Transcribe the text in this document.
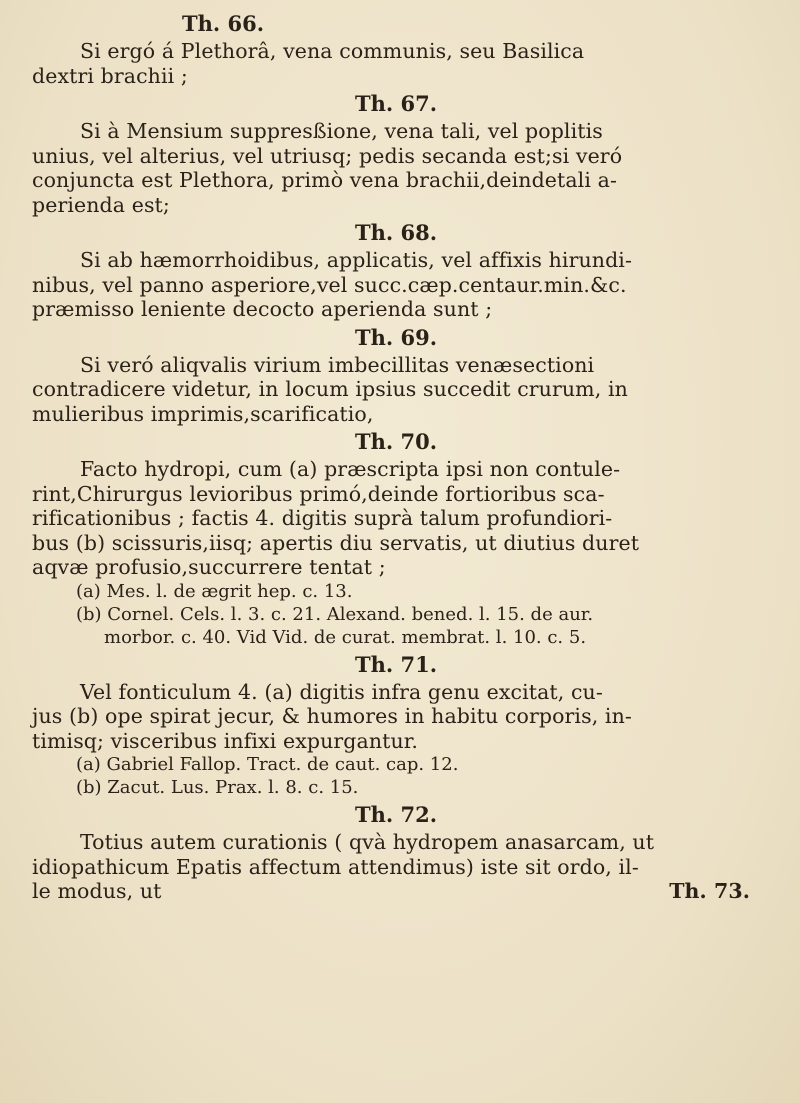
Th. 66.
Si ergó á Plethorâ, vena communis, seu Basilica
dextri brachii ;
Th. 67.
Si à Mensium suppresßione, vena tali, vel poplitis
unius, vel alterius, vel utriusq; pedis secanda est;si veró
conjuncta est Plethora, primò vena brachii,deindetali a-
perienda est;
Th. 68.
Si ab hæmorrhoidibus, applicatis, vel affixis hirundi-
nibus, vel panno asperiore,vel succ.cæp.centaur.min.&c.
præmisso leniente decocto aperienda sunt ;
Th. 69.
Si veró aliqvalis virium imbecillitas venæsectioni
contradicere videtur, in locum ipsius succedit crurum, in
mulieribus imprimis,scarificatio,
Th. 70.
Facto hydropi, cum (a) præscripta ipsi non contule-
rint,Chirurgus levioribus primó,deinde fortioribus sca-
rificationibus ; factis 4. digitis suprà talum profundiori-
bus (b) scissuris,iisq; apertis diu servatis, ut diutius duret
aqvæ profusio,succurrere tentat ;
(a) Mes. l. de ægrit hep. c. 13.
(b) Cornel. Cels. l. 3. c. 21. Alexand. bened. l. 15. de aur.
morbor. c. 40. Vid Vid. de curat. membrat. l. 10. c. 5.
Th. 71.
Vel fonticulum 4. (a) digitis infra genu excitat, cu-
jus (b) ope spirat jecur, & humores in habitu corporis, in-
timisq; visceribus infixi expurgantur.
(a) Gabriel Fallop. Tract. de caut. cap. 12.
(b) Zacut. Lus. Prax. l. 8. c. 15.
Th. 72.
Totius autem curationis ( qvà hydropem anasarcam, ut
idiopathicum Epatis affectum attendimus) iste sit ordo, il-
le modus, ut	Th. 73.
